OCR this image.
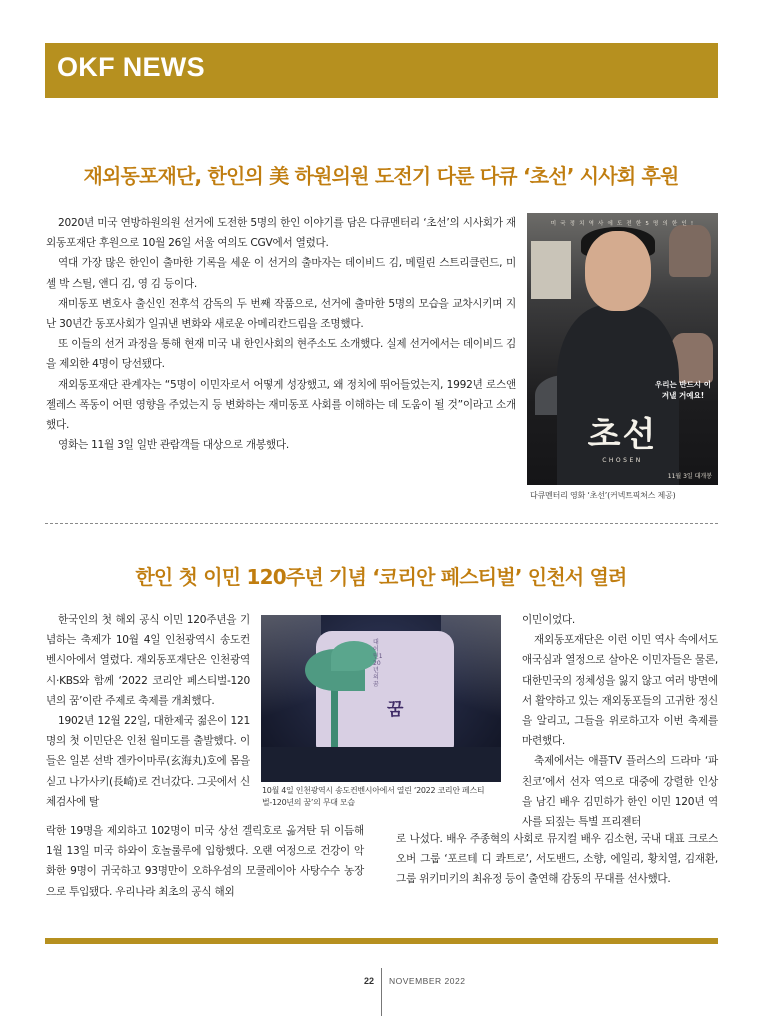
OKF NEWS
재외동포재단, 한인의 美 하원의원 도전기 다룬 다큐 ‘초선’ 시사회 후원

2020년 미국 연방하원의원 선거에 도전한 5명의 한인 이야기를 담은 다큐멘터리 ‘초선’의 시사회가 재외동포재단 후원으로 10월 26일 서울 여의도 CGV에서 열렸다.

역대 가장 많은 한인이 출마한 기록을 세운 이 선거의 출마자는 데이비드 김, 메릴린 스트리클런드, 미셸 박 스틸, 앤디 김, 영 김 등이다.

재미동포 변호사 출신인 전후석 감독의 두 번째 작품으로, 선거에 출마한 5명의 모습을 교차시키며 지난 30년간 동포사회가 일궈낸 변화와 새로운 아메리칸드림을 조명했다.

또 이들의 선거 과정을 통해 현재 미국 내 한인사회의 현주소도 소개했다. 실제 선거에서는 데이비드 김을 제외한 4명이 당선됐다.

재외동포재단 관계자는 “5명이 이민자로서 어떻게 성장했고, 왜 정치에 뛰어들었는지, 1992년 로스앤젤레스 폭동이 어떤 영향을 주었는지 등 변화하는 재미동포 사회를 이해하는 데 도움이 될 것”이라고 소개했다.

영화는 11월 3일 일반 관람객들 대상으로 개봉했다.

미 국 정 치 역 사 에 도 전 한 5 명 의 한 인 !
우리는 반드시 이겨낼 거예요!
초선
CHOSEN
11월 3일 대개봉
다큐멘터리 영화 ‘초선’(커넥트픽쳐스 제공)
한인 첫 이민 120주년 기념 ‘코리안 페스티벌’ 인천서 열려

한국인의 첫 해외 공식 이민 120주년을 기념하는 축제가 10월 4일 인천광역시 송도컨벤시아에서 열렸다. 재외동포재단은 인천광역시·KBS와 함께 ‘2022 코리안 페스티벌-120년의 꿈’이란 주제로 축제를 개최했다.

1902년 12월 22일, 대한제국 젊은이 121명의 첫 이민단은 인천 월미도를 출발했다. 이들은 일본 선박 겐카이마루(玄海丸)호에 몸을 싣고 나가사키(長崎)로 건너갔다. 그곳에서 신체검사에 탈

대이민120년의꿈
꿈
10월 4일 인천광역시 송도컨벤시아에서 열린 ‘2022 코리안 페스티벌-120년의 꿈’의 무대 모습

락한 19명을 제외하고 102명이 미국 상선 겔릭호로 옮겨탄 뒤 이듬해 1월 13일 미국 하와이 호놀룰루에 입항했다. 오랜 여정으로 건강이 악화한 9명이 귀국하고 93명만이 오하우섬의 모쿨레이아 사탕수수 농장으로 투입됐다. 우리나라 최초의 공식 해외

이민이었다.

재외동포재단은 이런 이민 역사 속에서도 애국심과 열정으로 살아온 이민자들은 물론, 대한민국의 정체성을 잃지 않고 여러 방면에서 활약하고 있는 재외동포들의 고귀한 정신을 알리고, 그들을 위로하고자 이번 축제를 마련했다.

축제에서는 애플TV 플러스의 드라마 ‘파친코’에서 선자 역으로 대중에 강렬한 인상을 남긴 배우 김민하가 한인 이민 120년 역사를 되짚는 특별 프리젠터

로 나섰다. 배우 주종혁의 사회로 뮤지컬 배우 김소현, 국내 대표 크로스오버 그룹 ‘포르테 디 콰트로’, 서도밴드, 소향, 에일리, 황치열, 김재환, 그룹 위키미키의 최유정 등이 출연해 감동의 무대를 선사했다.

22 NOVEMBER 2022
